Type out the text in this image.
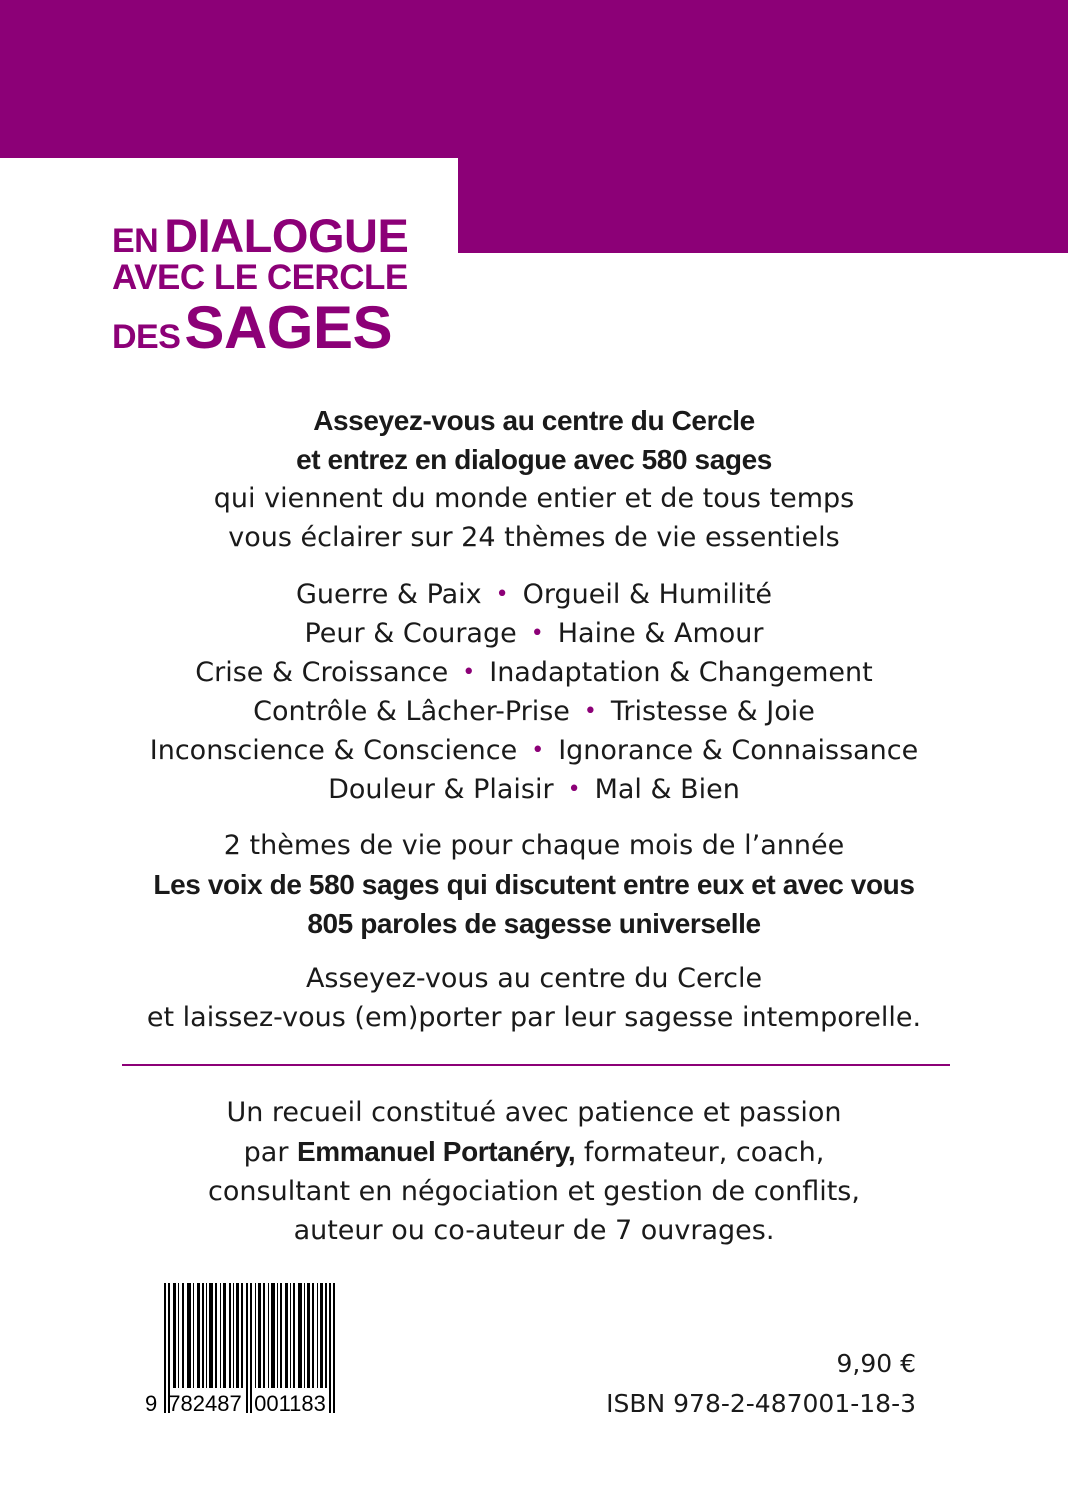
EN DIALOGUE
AVEC LE CERCLE
DESSAGES
Asseyez-vous au centre du Cercle
et entrez en dialogue avec 580 sages
qui viennent du monde entier et de tous temps
vous éclairer sur 24 thèmes de vie essentiels
Guerre & Paix • Orgueil & Humilité
Peur & Courage • Haine & Amour
Crise & Croissance • Inadaptation & Changement
Contrôle & Lâcher-Prise • Tristesse & Joie
Inconscience & Conscience • Ignorance & Connaissance
Douleur & Plaisir • Mal & Bien
2 thèmes de vie pour chaque mois de l’année
Les voix de 580 sages qui discutent entre eux et avec vous
805 paroles de sagesse universelle
Asseyez-vous au centre du Cercle
et laissez-vous (em)porter par leur sagesse intemporelle.
Un recueil constitué avec patience et passion
par Emmanuel Portanéry, formateur, coach,
consultant en négociation et gestion de conflits,
auteur ou co-auteur de 7 ouvrages.
9 782487 001183
9,90 €
ISBN 978-2-487001-18-3
